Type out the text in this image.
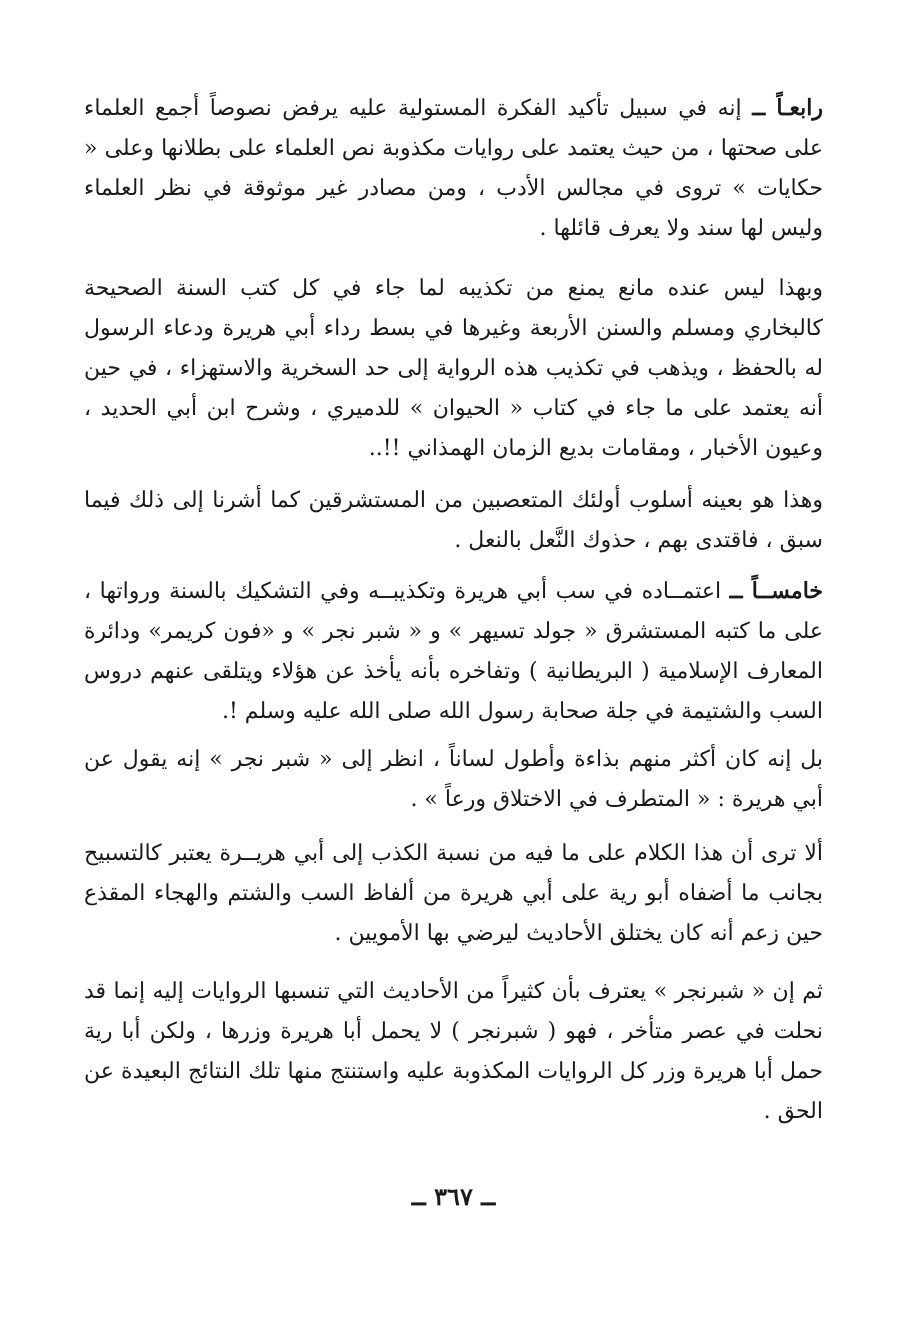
رابعـاً ــ إنه في سبيل تأكيد الفكرة المستولية عليه يرفض نصوصاً أجمع العلماء على صحتها ، من حيث يعتمد على روايات مكذوبة نص العلماء على بطلانها وعلى « حكايات » تروى في مجالس الأدب ، ومن مصادر غير موثوقة في نظر العلماء وليس لها سند ولا يعرف قائلها .

وبهذا ليس عنده مانع يمنع من تكذيبه لما جاء في كل كتب السنة الصحيحة كالبخاري ومسلم والسنن الأربعة وغيرها في بسط رداء أبي هريرة ودعاء الرسول له بالحفظ ، ويذهب في تكذيب هذه الرواية إلى حد السخرية والاستهزاء ، في حين أنه يعتمد على ما جاء في كتاب « الحيوان » للدميري ، وشرح ابن أبي الحديد ، وعيون الأخبار ، ومقامات بديع الزمان الهمذاني !!..

وهذا هو بعينه أسلوب أولئك المتعصبين من المستشرقين كما أشرنا إلى ذلك فيما سبق ، فاقتدى بهم ، حذوك النَّعل بالنعل .

خامســاً ــ اعتمــاده في سب أبي هريرة وتكذيبــه وفي التشكيك بالسنة ورواتها ، على ما كتبه المستشرق « جولد تسيهر » و « شبر نجر » و «فون كريمر» ودائرة المعارف الإسلامية ( البريطانية ) وتفاخره بأنه يأخذ عن هؤلاء ويتلقى عنهم دروس السب والشتيمة في جلة صحابة رسول الله صلى الله عليه وسلم !.

بل إنه كان أكثر منهم بذاءة وأطول لساناً ، انظر إلى « شبر نجر » إنه يقول عن أبي هريرة : « المتطرف في الاختلاق ورعاً » .

ألا ترى أن هذا الكلام على ما فيه من نسبة الكذب إلى أبي هريــرة يعتبر كالتسبيح بجانب ما أضفاه أبو رية على أبي هريرة من ألفاظ السب والشتم والهجاء المقذع حين زعم أنه كان يختلق الأحاديث ليرضي بها الأمويين .

ثم إن « شبرنجر » يعترف بأن كثيراً من الأحاديث التي تنسبها الروايات إليه إنما قد نحلت في عصر متأخر ، فهو ( شبرنجر ) لا يحمل أبا هريرة وزرها ، ولكن أبا رية حمل أبا هريرة وزر كل الروايات المكذوبة عليه واستنتج منها تلك النتائج البعيدة عن الحق .

ــ ٣٦٧ ــ
